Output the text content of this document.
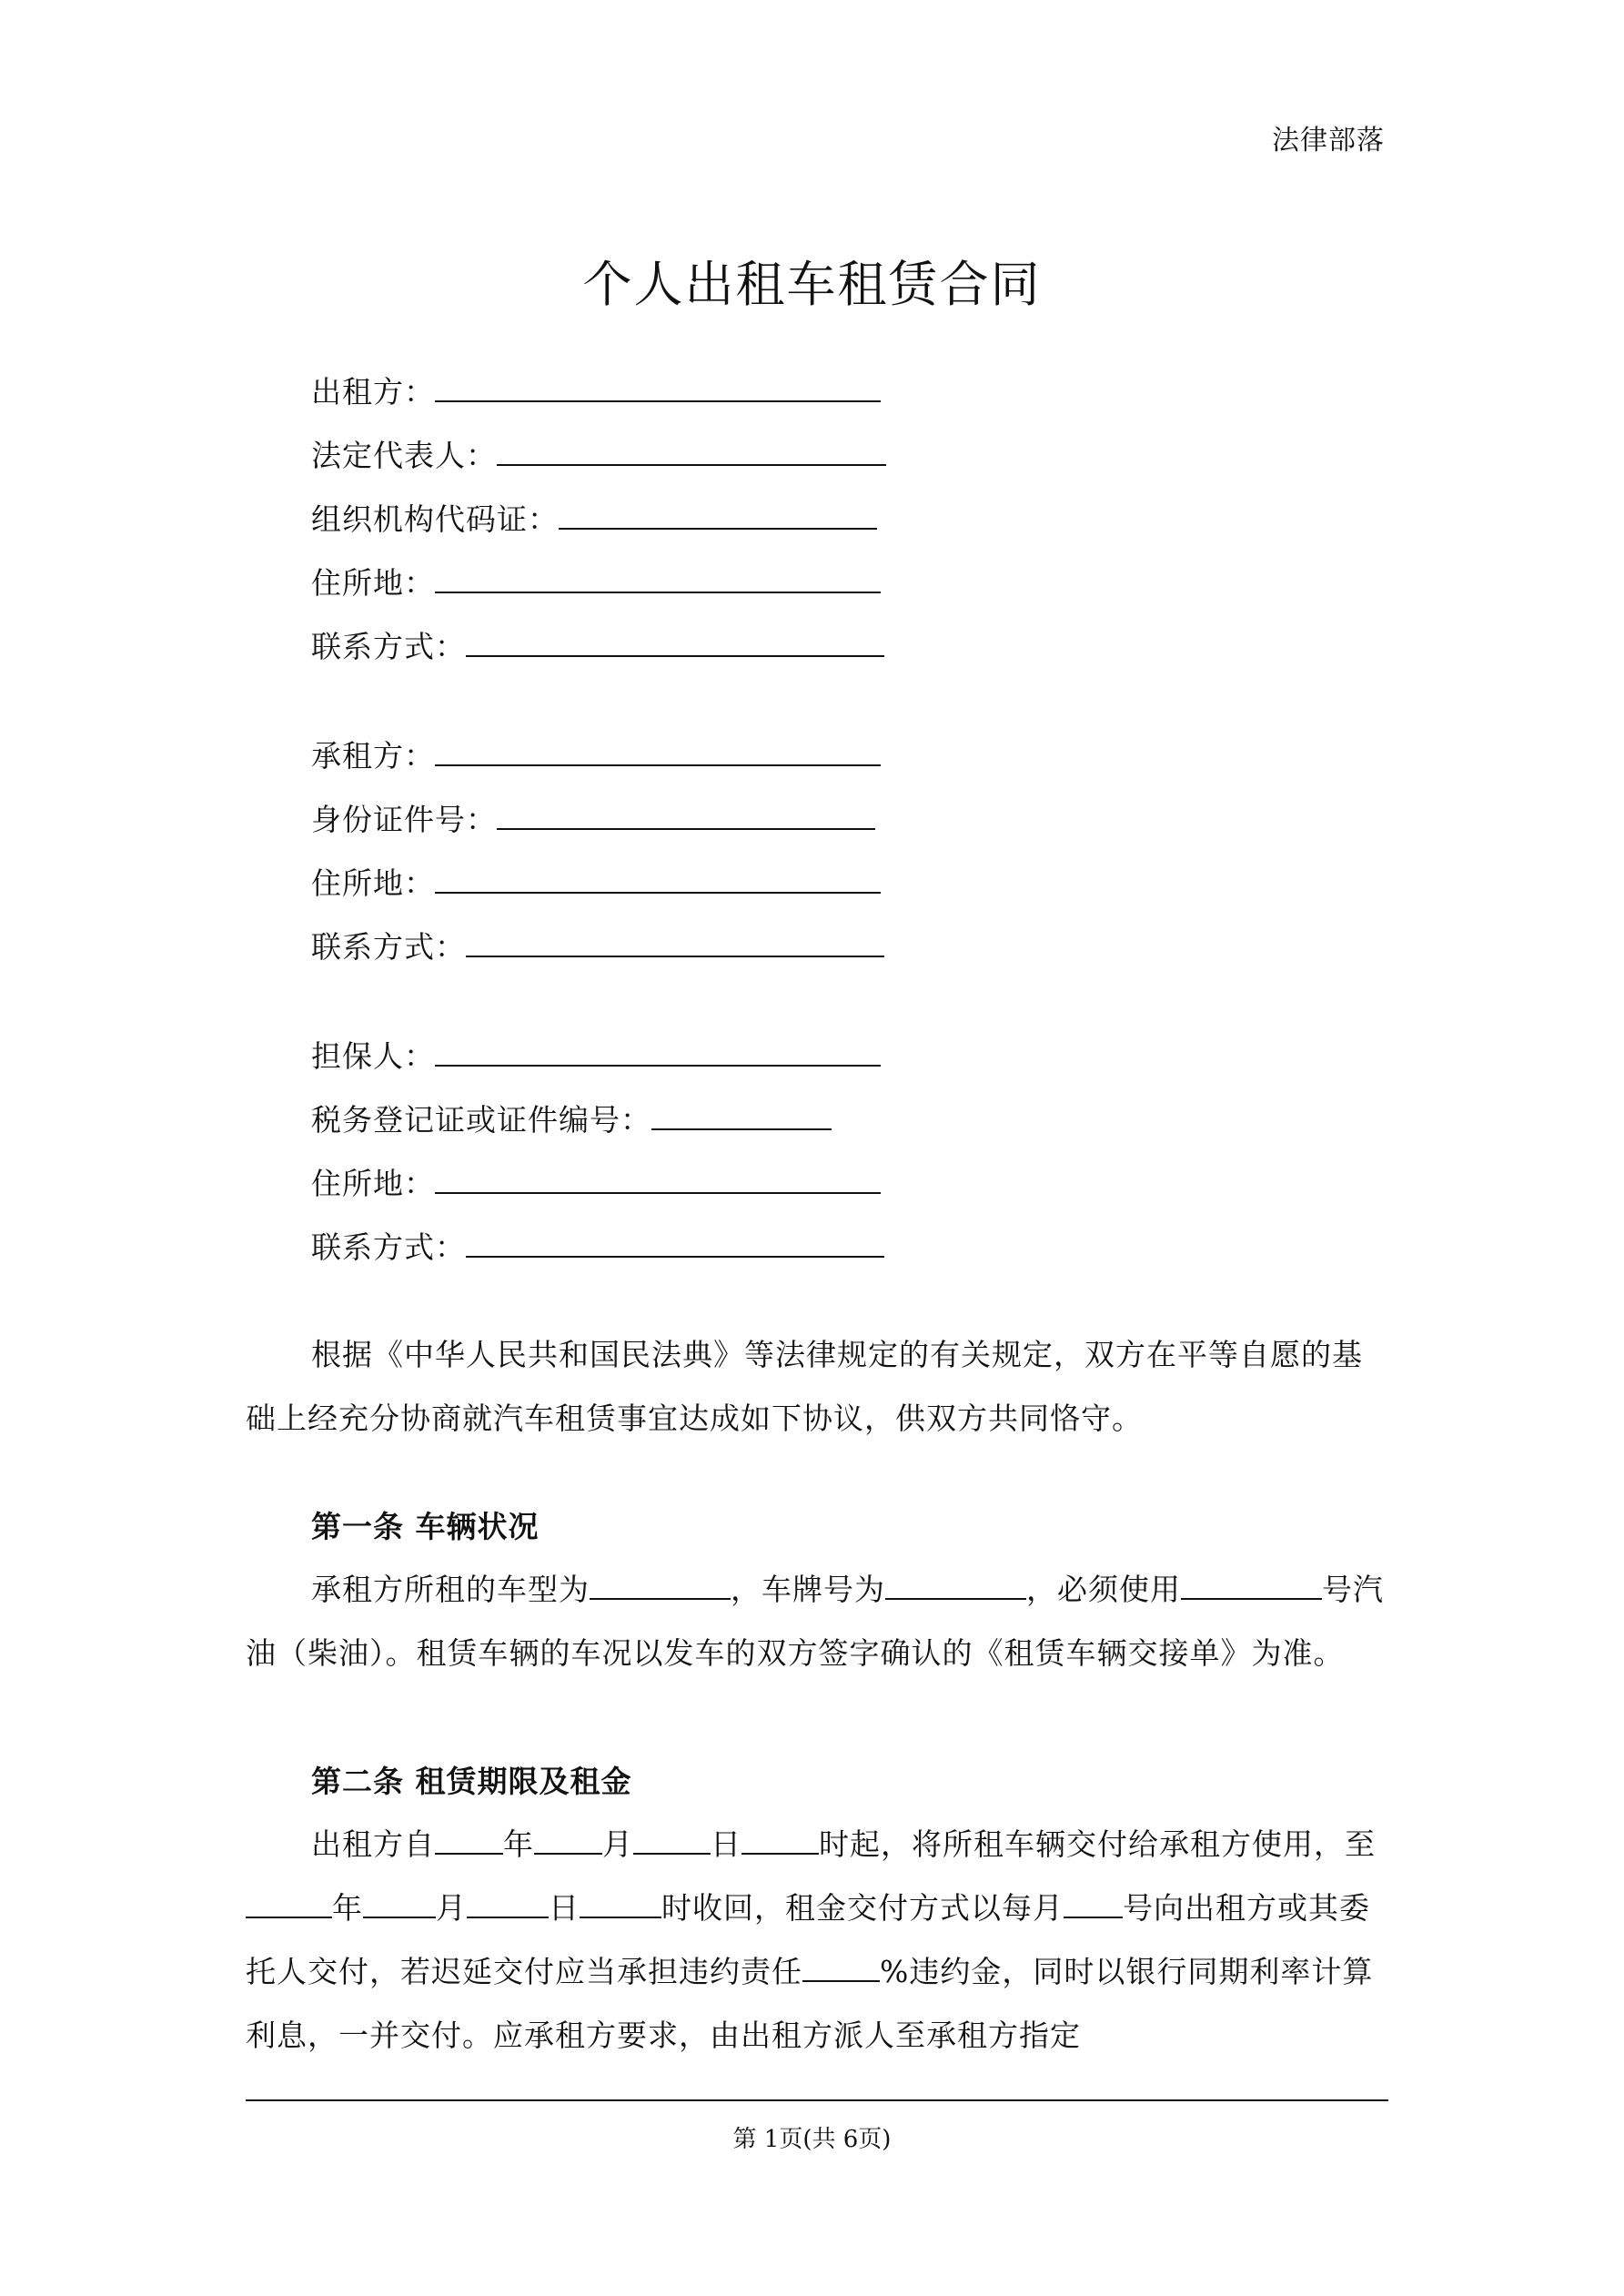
法律部落
个人出租车租赁合同
出租方：
法定代表人：
组织机构代码证：
住所地：
联系方式：
承租方：
身份证件号：
住所地：
联系方式：
担保人：
税务登记证或证件编号：
住所地：
联系方式：

根据《中华人民共和国民法典》等法律规定的有关规定，双方在平等自愿的基础上经充分协商就汽车租赁事宜达成如下协议，供双方共同恪守。

第一条 车辆状况

承租方所租的车型为	，车牌号为	，必须使用	号汽油（柴油）。租赁车辆的车况以发车的双方签字确认的《租赁车辆交接单》为准。

第二条 租赁期限及租金

出租方自 年 月	日	时起，将所租车辆交付给承租方使用，至年 月	日	时收回，租金交付方式以每月 号向出租方或其委托人交付，若迟延交付应当承担违约责任	%违约金，同时以银行同期利率计算利息，一并交付。应承租方要求，由出租方派人至承租方指定

第 1页(共 6页)
